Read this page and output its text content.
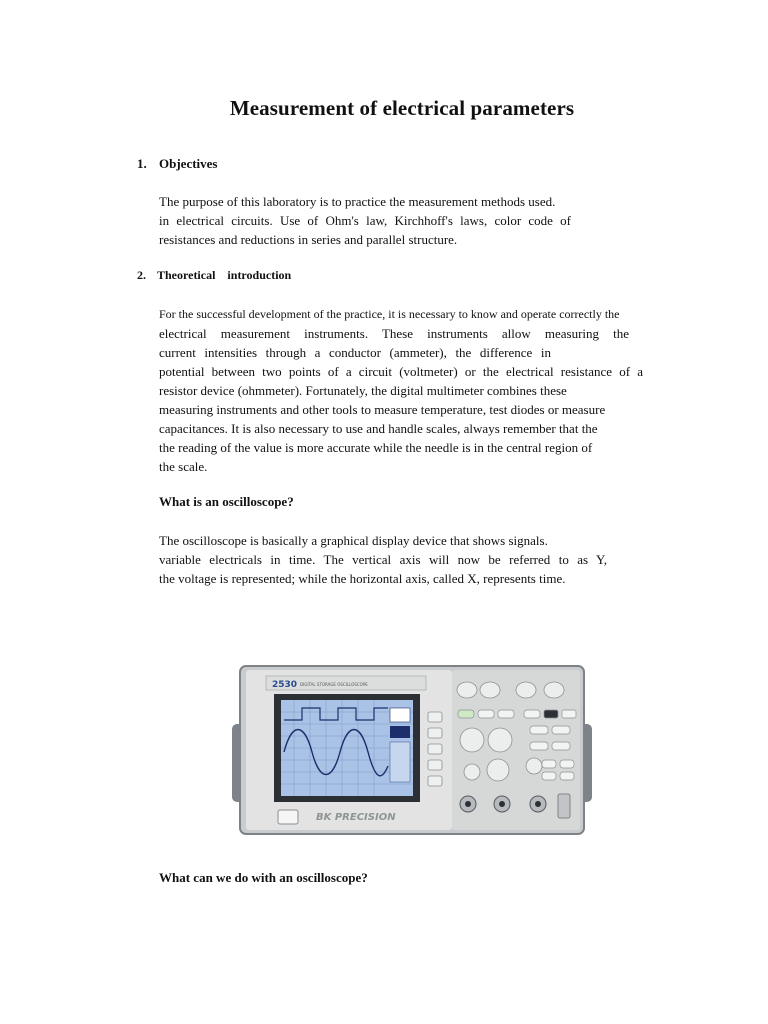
Measurement of electrical parameters

1. Objectives

The purpose of this laboratory is to practice the measurement methods used.
in electrical circuits. Use of Ohm's law, Kirchhoff's laws, color code of
resistances and reductions in series and parallel structure.

2. Theoretical    introduction

For the successful development of the practice, it is necessary to know and operate correctly the
electrical measurement instruments. These instruments allow measuring the
current intensities through a conductor (ammeter), the difference in
potential between two points of a circuit (voltmeter) or the electrical resistance of a
resistor device (ohmmeter). Fortunately, the digital multimeter combines these
measuring instruments and other tools to measure temperature, test diodes or measure
capacitances. It is also necessary to use and handle scales, always remember that the
the reading of the value is more accurate while the needle is in the central region of
the scale.

What is an oscilloscope?

The oscilloscope is basically a graphical display device that shows signals.
variable electricals in time. The vertical axis will now be referred to as Y,
the voltage is represented; while the horizontal axis, called X, represents time.
2530 DIGITAL STORAGE OSCILLOSCOPE
BK PRECISION

What can we do with an oscilloscope?
